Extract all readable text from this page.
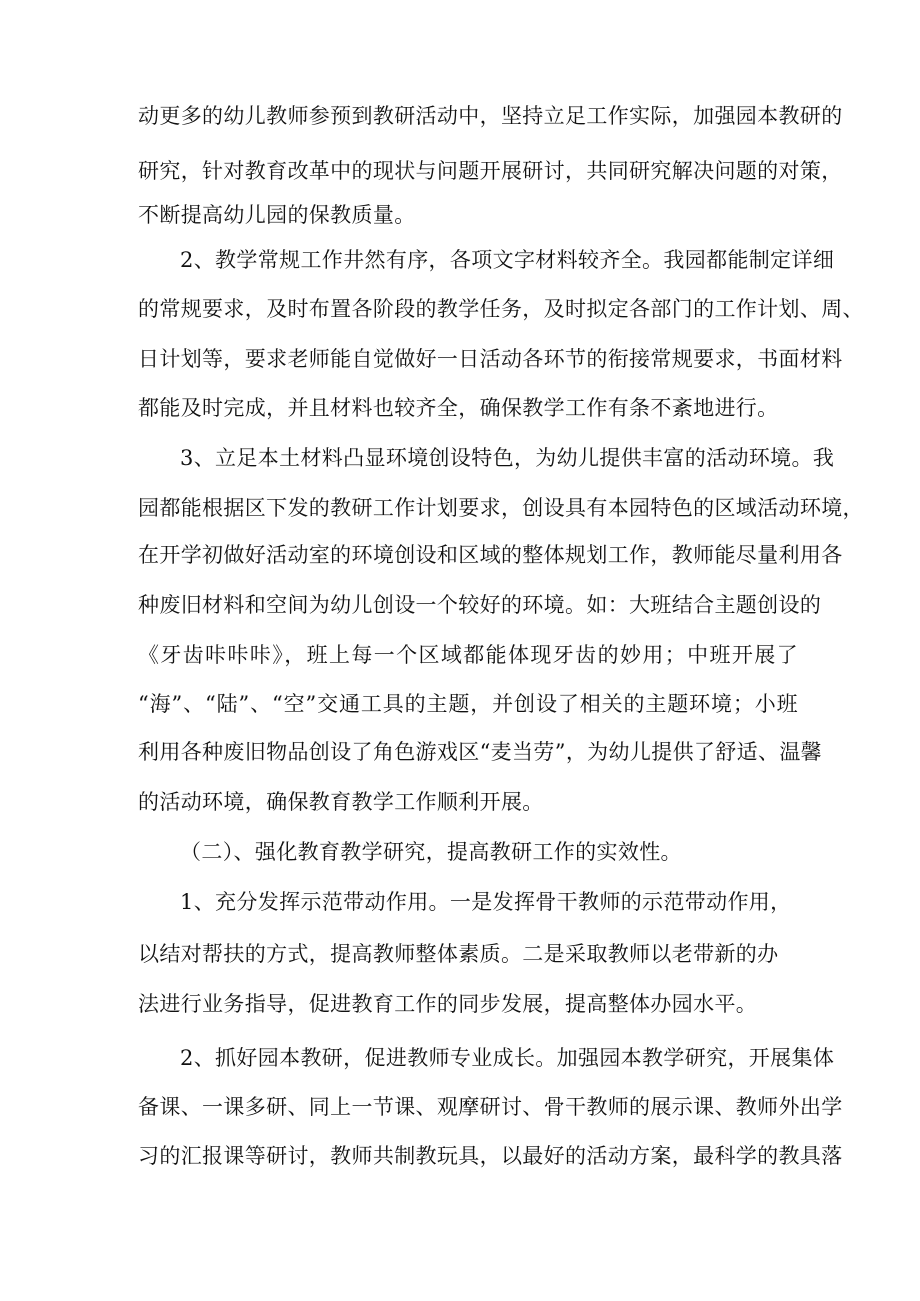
动更多的幼儿教师参预到教研活动中，坚持立足工作实际，加强园本教研的
研究，针对教育改革中的现状与问题开展研讨，共同研究解决问题的对策，
不断提高幼儿园的保教质量。
2、教学常规工作井然有序，各项文字材料较齐全。我园都能制定详细
的常规要求，及时布置各阶段的教学任务，及时拟定各部门的工作计划、周、
日计划等，要求老师能自觉做好一日活动各环节的衔接常规要求，书面材料
都能及时完成，并且材料也较齐全，确保教学工作有条不紊地进行。
3、立足本土材料凸显环境创设特色，为幼儿提供丰富的活动环境。我
园都能根据区下发的教研工作计划要求，创设具有本园特色的区域活动环境，
在开学初做好活动室的环境创设和区域的整体规划工作，教师能尽量利用各
种废旧材料和空间为幼儿创设一个较好的环境。如：大班结合主题创设的
《牙齿咔咔咔》，班上每一个区域都能体现牙齿的妙用；中班开展了
“海”、“陆”、“空”交通工具的主题，并创设了相关的主题环境；小班
利用各种废旧物品创设了角色游戏区“麦当劳”，为幼儿提供了舒适、温馨
的活动环境，确保教育教学工作顺利开展。
（二）、强化教育教学研究，提高教研工作的实效性。
1、充分发挥示范带动作用。一是发挥骨干教师的示范带动作用，
以结对帮扶的方式，提高教师整体素质。二是采取教师以老带新的办
法进行业务指导，促进教育工作的同步发展，提高整体办园水平。
2、抓好园本教研，促进教师专业成长。加强园本教学研究，开展集体
备课、一课多研、同上一节课、观摩研讨、骨干教师的展示课、教师外出学
习的汇报课等研讨，教师共制教玩具，以最好的活动方案，最科学的教具落
